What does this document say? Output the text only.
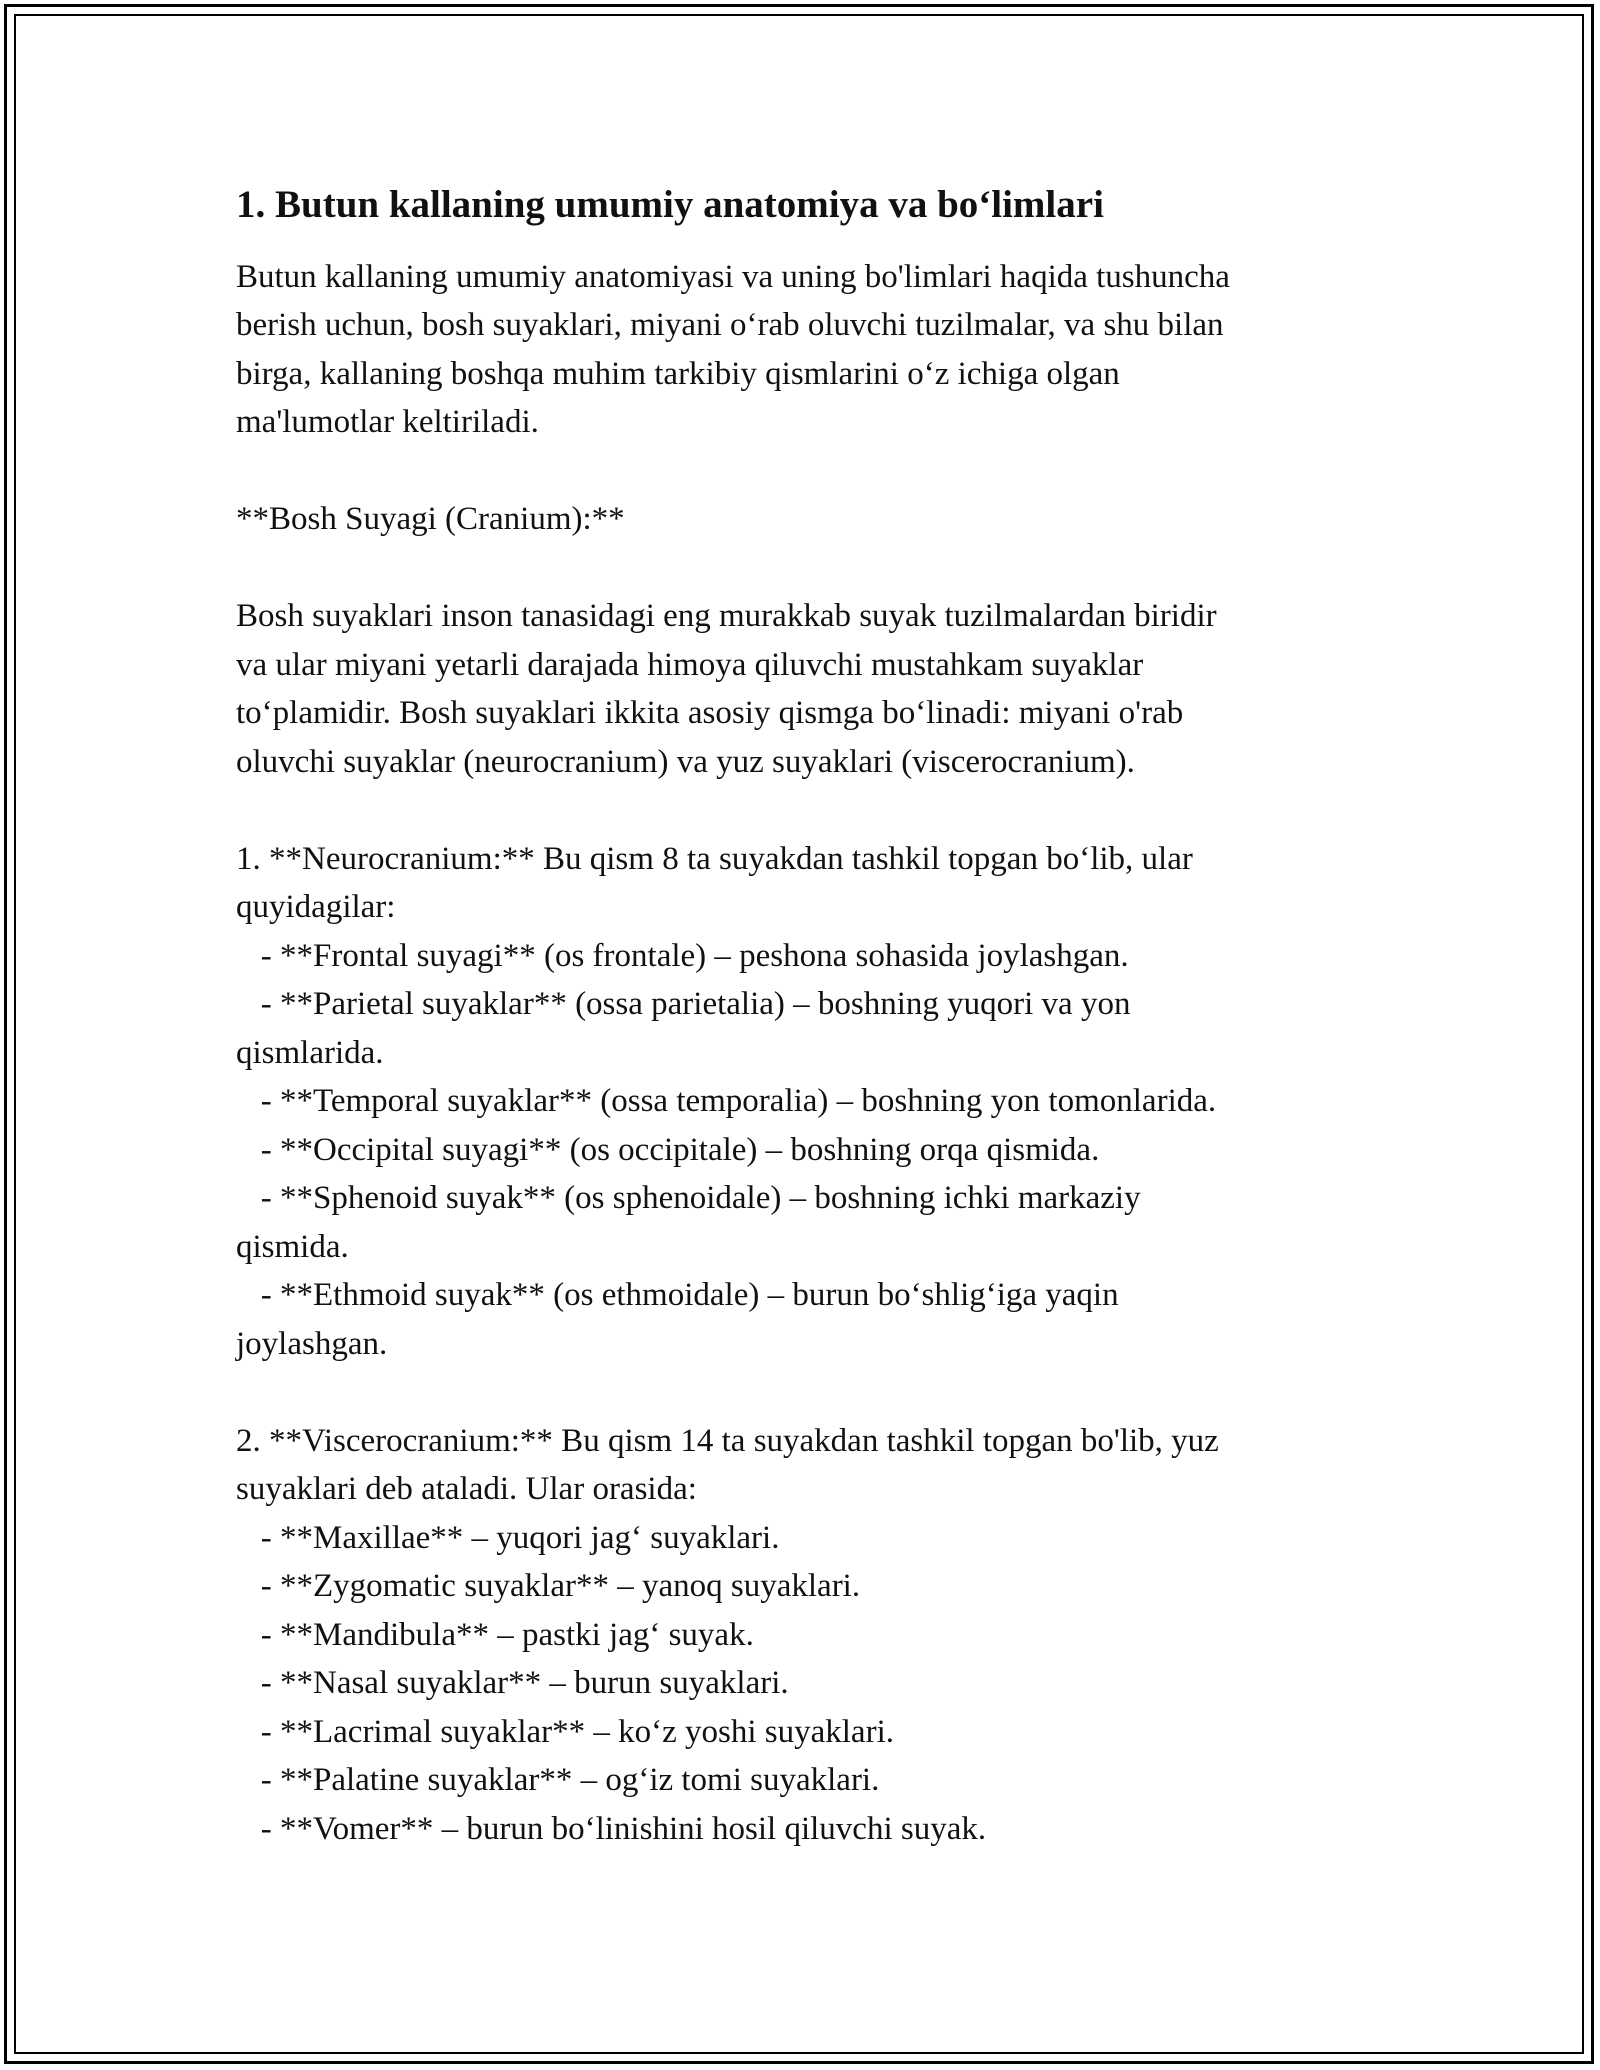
1. Butun kallaning umumiy anatomiya va bo‘limlari

Butun kallaning umumiy anatomiyasi va uning bo'limlari haqida tushuncha
berish uchun, bosh suyaklari, miyani o‘rab oluvchi tuzilmalar, va shu bilan
birga, kallaning boshqa muhim tarkibiy qismlarini o‘z ichiga olgan
ma'lumotlar keltiriladi.

**Bosh Suyagi (Cranium):**

Bosh suyaklari inson tanasidagi eng murakkab suyak tuzilmalardan biridir
va ular miyani yetarli darajada himoya qiluvchi mustahkam suyaklar
to‘plamidir. Bosh suyaklari ikkita asosiy qismga bo‘linadi: miyani o'rab
oluvchi suyaklar (neurocranium) va yuz suyaklari (viscerocranium).

1. **Neurocranium:** Bu qism 8 ta suyakdan tashkil topgan bo‘lib, ular
quyidagilar:
- **Frontal suyagi** (os frontale) – peshona sohasida joylashgan.
- **Parietal suyaklar** (ossa parietalia) – boshning yuqori va yon
qismlarida.
- **Temporal suyaklar** (ossa temporalia) – boshning yon tomonlarida.
- **Occipital suyagi** (os occipitale) – boshning orqa qismida.
- **Sphenoid suyak** (os sphenoidale) – boshning ichki markaziy
qismida.
- **Ethmoid suyak** (os ethmoidale) – burun bo‘shlig‘iga yaqin
joylashgan.

2. **Viscerocranium:** Bu qism 14 ta suyakdan tashkil topgan bo'lib, yuz
suyaklari deb ataladi. Ular orasida:
- **Maxillae** – yuqori jag‘ suyaklari.
- **Zygomatic suyaklar** – yanoq suyaklari.
- **Mandibula** – pastki jag‘ suyak.
- **Nasal suyaklar** – burun suyaklari.
- **Lacrimal suyaklar** – ko‘z yoshi suyaklari.
- **Palatine suyaklar** – og‘iz tomi suyaklari.
- **Vomer** – burun bo‘linishini hosil qiluvchi suyak.
